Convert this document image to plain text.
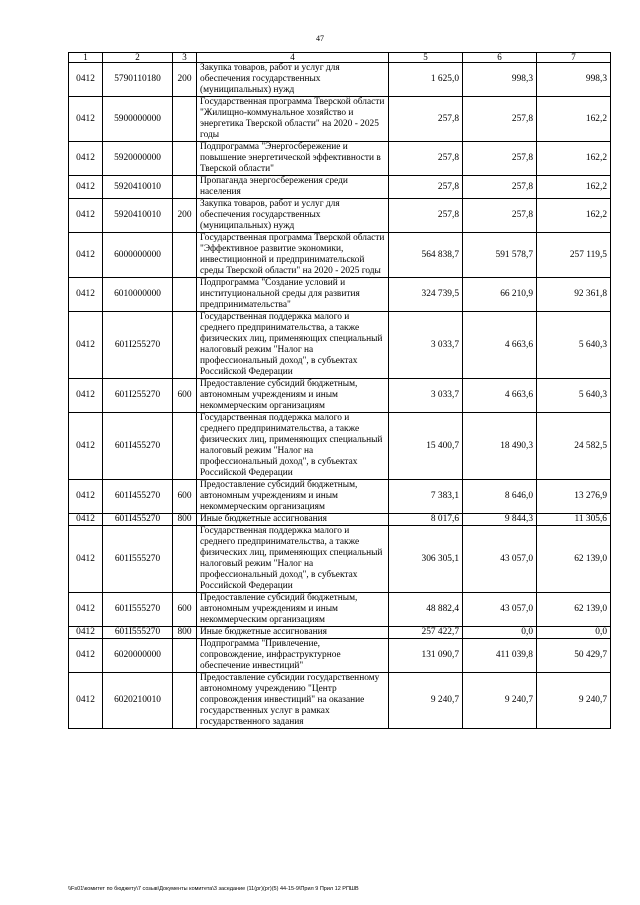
47
1	2	3	4	5	6	7
0412	5790110180	200	Закупка товаров, работ и услуг для обеспечения государственных (муниципальных) нужд	1 625,0	998,3	998,3
0412	5900000000		Государственная программа Тверской области "Жилищно-коммунальное хозяйство и энергетика Тверской области" на 2020 - 2025 годы	257,8	257,8	162,2
0412	5920000000		Подпрограмма "Энергосбережение и повышение энергетической эффективности в Тверской области"	257,8	257,8	162,2
0412	5920410010		Пропаганда энергосбережения среди населения	257,8	257,8	162,2
0412	5920410010	200	Закупка товаров, работ и услуг для обеспечения государственных (муниципальных) нужд	257,8	257,8	162,2
0412	6000000000		Государственная программа Тверской области "Эффективное развитие экономики, инвестиционной и предпринимательской среды Тверской области" на 2020 - 2025 годы	564 838,7	591 578,7	257 119,5
0412	6010000000		Подпрограмма "Создание условий и институциональной среды для развития предпринимательства"	324 739,5	66 210,9	92 361,8
0412	601I255270		Государственная поддержка малого и среднего предпринимательства, а также физических лиц, применяющих специальный налоговый режим "Налог на профессиональный доход", в субъектах Российской Федерации	3 033,7	4 663,6	5 640,3
0412	601I255270	600	Предоставление субсидий бюджетным, автономным учреждениям и иным некоммерческим организациям	3 033,7	4 663,6	5 640,3
0412	601I455270		Государственная поддержка малого и среднего предпринимательства, а также физических лиц, применяющих специальный налоговый режим "Налог на профессиональный доход", в субъектах Российской Федерации	15 400,7	18 490,3	24 582,5
0412	601I455270	600	Предоставление субсидий бюджетным, автономным учреждениям и иным некоммерческим организациям	7 383,1	8 646,0	13 276,9
0412	601I455270	800	Иные бюджетные ассигнования	8 017,6	9 844,3	11 305,6
0412	601I555270		Государственная поддержка малого и среднего предпринимательства, а также физических лиц, применяющих специальный налоговый режим "Налог на профессиональный доход", в субъектах Российской Федерации	306 305,1	43 057,0	62 139,0
0412	601I555270	600	Предоставление субсидий бюджетным, автономным учреждениям и иным некоммерческим организациям	48 882,4	43 057,0	62 139,0
0412	601I555270	800	Иные бюджетные ассигнования	257 422,7	0,0	0,0
0412	6020000000		Подпрограмма "Привлечение, сопровождение, инфраструктурное обеспечение инвестиций"	131 090,7	411 039,8	50 429,7
0412	6020210010		Предоставление субсидии государственному автономному учреждению "Центр сопровождения инвестиций" на оказание государственных услуг в рамках государственного задания	9 240,7	9 240,7	9 240,7
\\Fs01\комитет по бюджету\7 созыв\Документы комитета\3 заседание (11(рг)(рг)(5) 44-15-9\Прил 9 Прил 12 РПШВ
